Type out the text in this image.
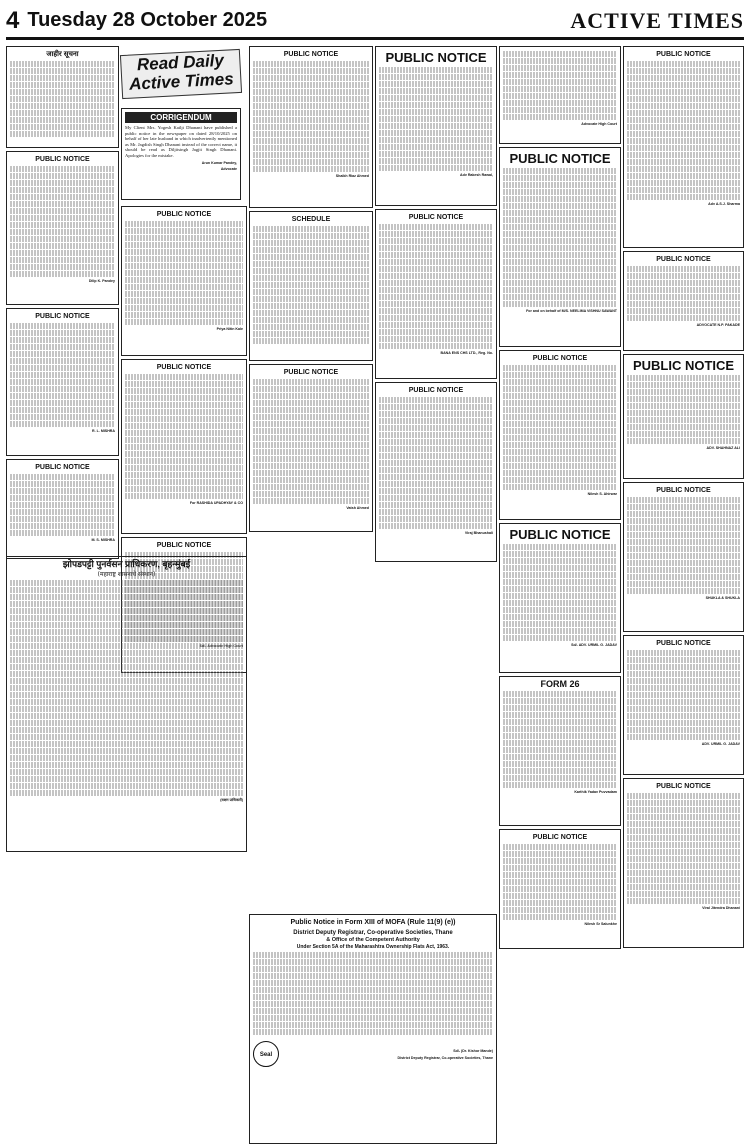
4 Tuesday 28 October 2025	ACTIVE TIMES
जाहीर सूचना
PUBLIC NOTICE
Dilip K. Pandey
PUBLIC NOTICE
R. L. MISHRA
PUBLIC NOTICE
M. S. MISHRA
Read Daily
Active Times
CORRIGENDUM

My Client Mrs. Yogesh Kailji Dhanani have published a public notice in the newspaper on dated 28/10/2025 on behalf of her late husband in which inadvertently mentioned as Mr. Jagdish Singh Dhanani instead of the correct name, it should be read as Diljitsingh Jagjit Singh Dhanani. Apologies for the mistake.

Arun Kumar Pandey,
Advocate
PUBLIC NOTICE
Priya Nitin Kale
PUBLIC NOTICE
For RASHIDA UPADHYAY & CO
PUBLIC NOTICE
Sd/- Advocate High Court
PUBLIC NOTICE
Shaikh Riaz Ahmed
SCHEDULE
PUBLIC NOTICE
Vatsh Ahmed
PUBLIC NOTICE
Adv Rakesh Rawal,
PUBLIC NOTICE
BANA ENS CHS LTD., Reg. No.
PUBLIC NOTICE
Viraj Bhanushali
Advocate High Court
PUBLIC NOTICE
For and on behalf of M/S. NEELIMA VISHNU SAWANT
PUBLIC NOTICE
Nilesh S. Ahirwar
PUBLIC NOTICE
Sd/- ADV. URMIL G. JADAV
FORM 26
Karthik Yadav Puvvadam
PUBLIC NOTICE
Nilesh Sr Salunkhe
PUBLIC NOTICE
Adv A.S.J. Sharma
PUBLIC NOTICE
ADVOCATE N.P. PAKADE
PUBLIC NOTICE
ADV. SHAHNAZ ALI
PUBLIC NOTICE
SHUKLA & SHUKLA
PUBLIC NOTICE
ADV. URMIL G. JADAV
PUBLIC NOTICE
Viral Jitendra Dhanani
झोपडपट्टी पुनर्वसन प्राधिकरण, बृहन्मुंबई
(महाराष्ट्र शासनाचे संस्थान)
(सक्षम प्राधिकारी)
Public Notice in Form XIII of MOFA (Rule 11(9) (e))
District Deputy Registrar, Co-operative Societies, Thane
& Office of the Competent Authority
Under Section 5A of the Maharashtra Ownership Flats Act, 1963.
Seal
Sd/- (Dr. Kishor Mande)
District Deputy Registrar, Co-operative Societies, Thane
